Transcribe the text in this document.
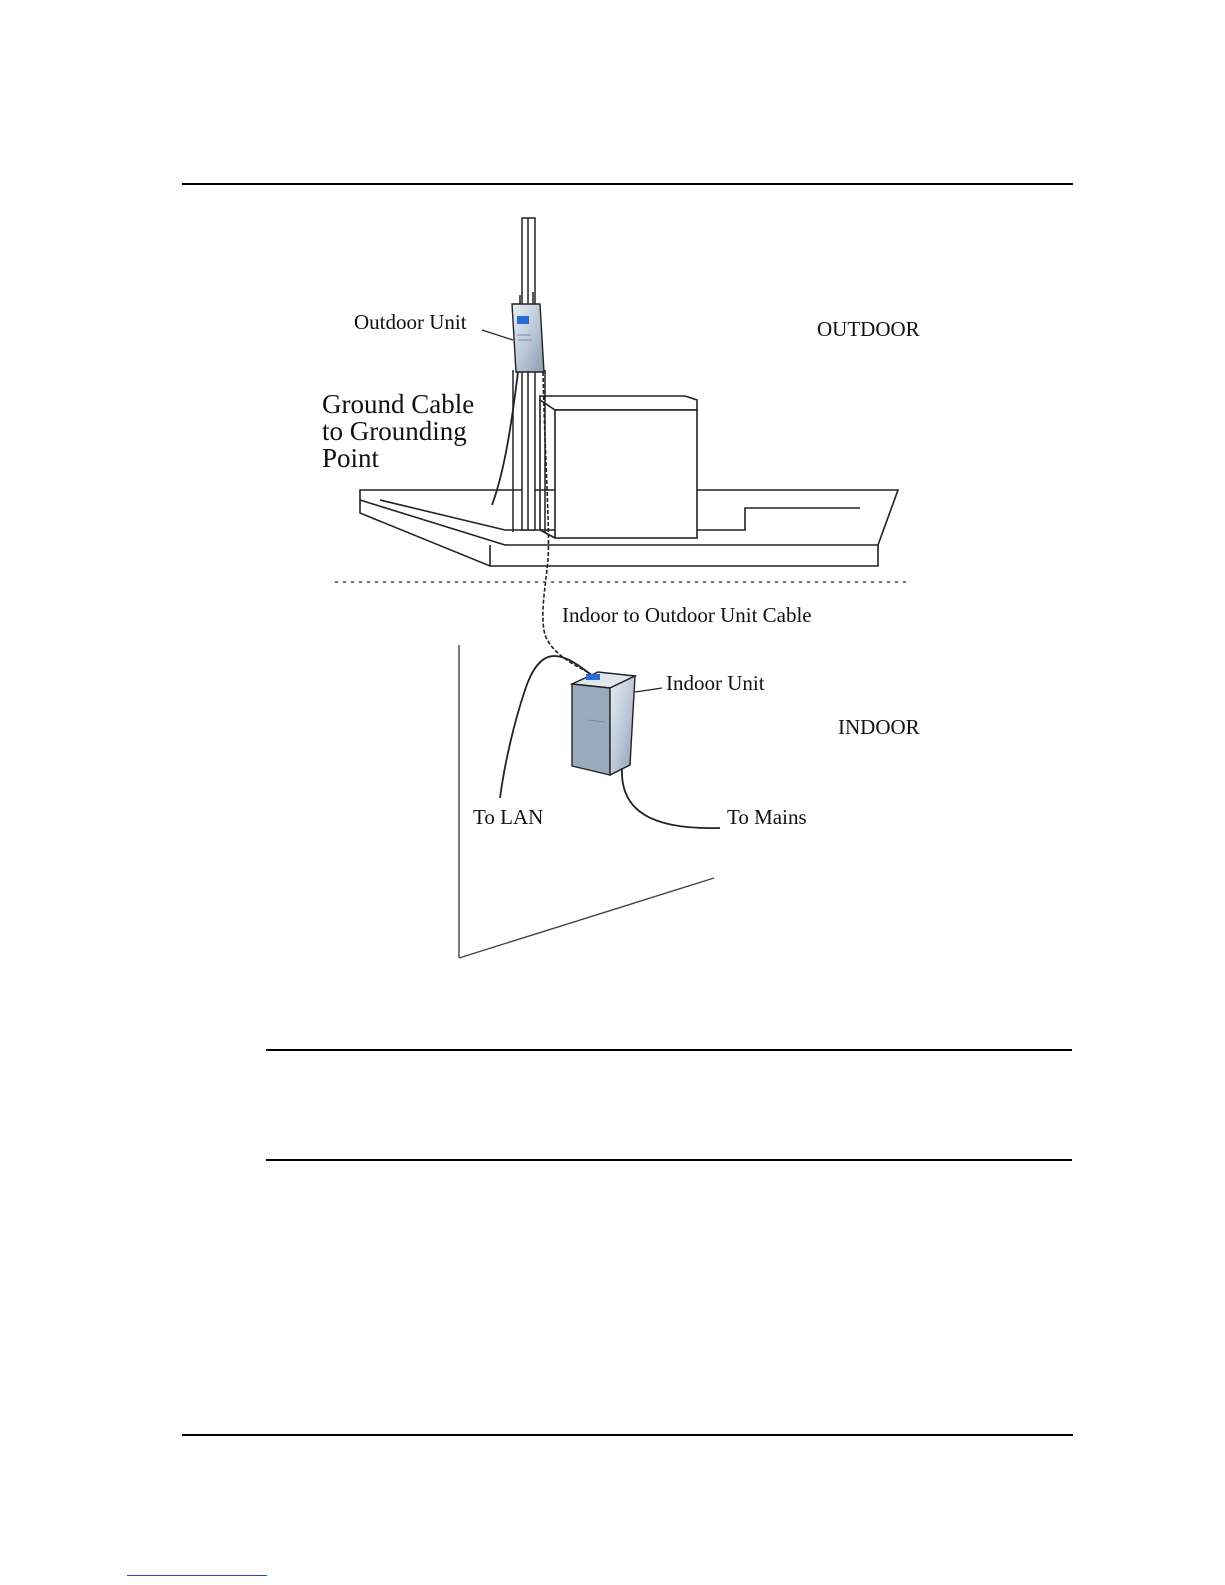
Outdoor Unit	OUTDOOR
Ground Cable
to Grounding
Point
Indoor to Outdoor Unit Cable
Indoor Unit
INDOOR
To LAN	To Mains
